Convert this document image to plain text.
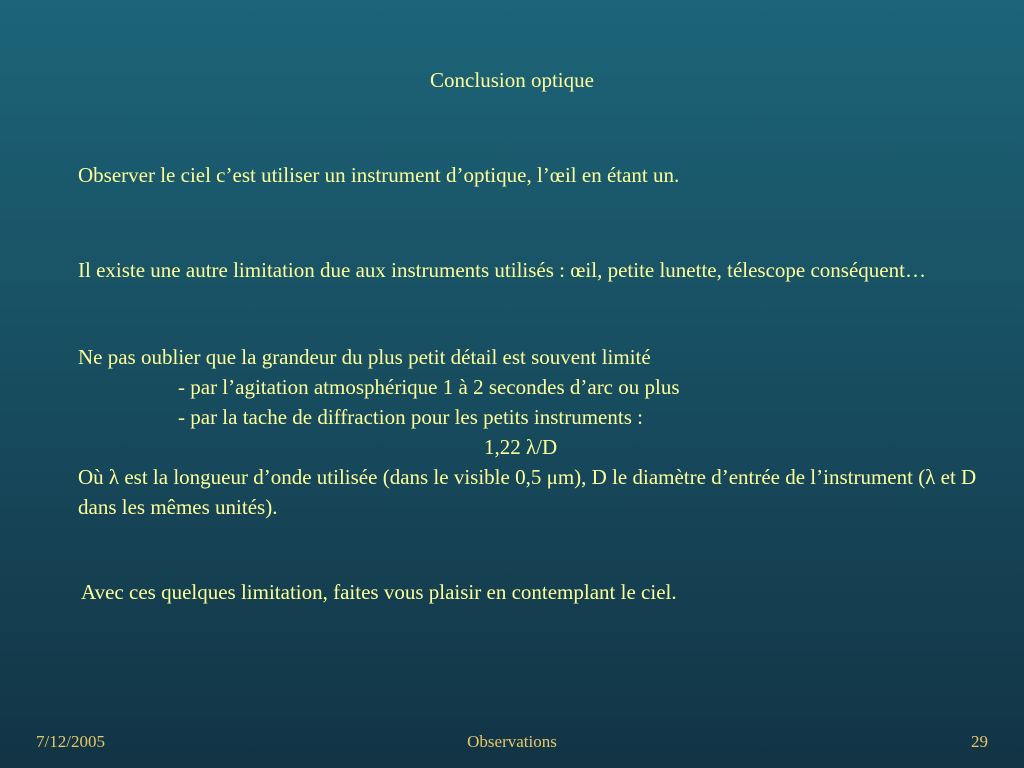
Conclusion optique
Observer le ciel c’est utiliser un instrument d’optique, l’œil en étant un.
Il existe une autre limitation due aux instruments utilisés : œil, petite lunette, télescope conséquent…
Ne pas oublier que la grandeur du plus petit détail est souvent limité
- par l’agitation atmosphérique 1 à 2 secondes d’arc ou plus
- par la tache de diffraction pour les petits instruments :
1,22 λ/D
Où λ est la longueur d’onde utilisée (dans le visible 0,5 μm), D le diamètre d’entrée de l’instrument (λ et D dans les mêmes unités).
Avec ces quelques limitation, faites vous plaisir en contemplant le ciel.
7/12/2005	Observations	29
